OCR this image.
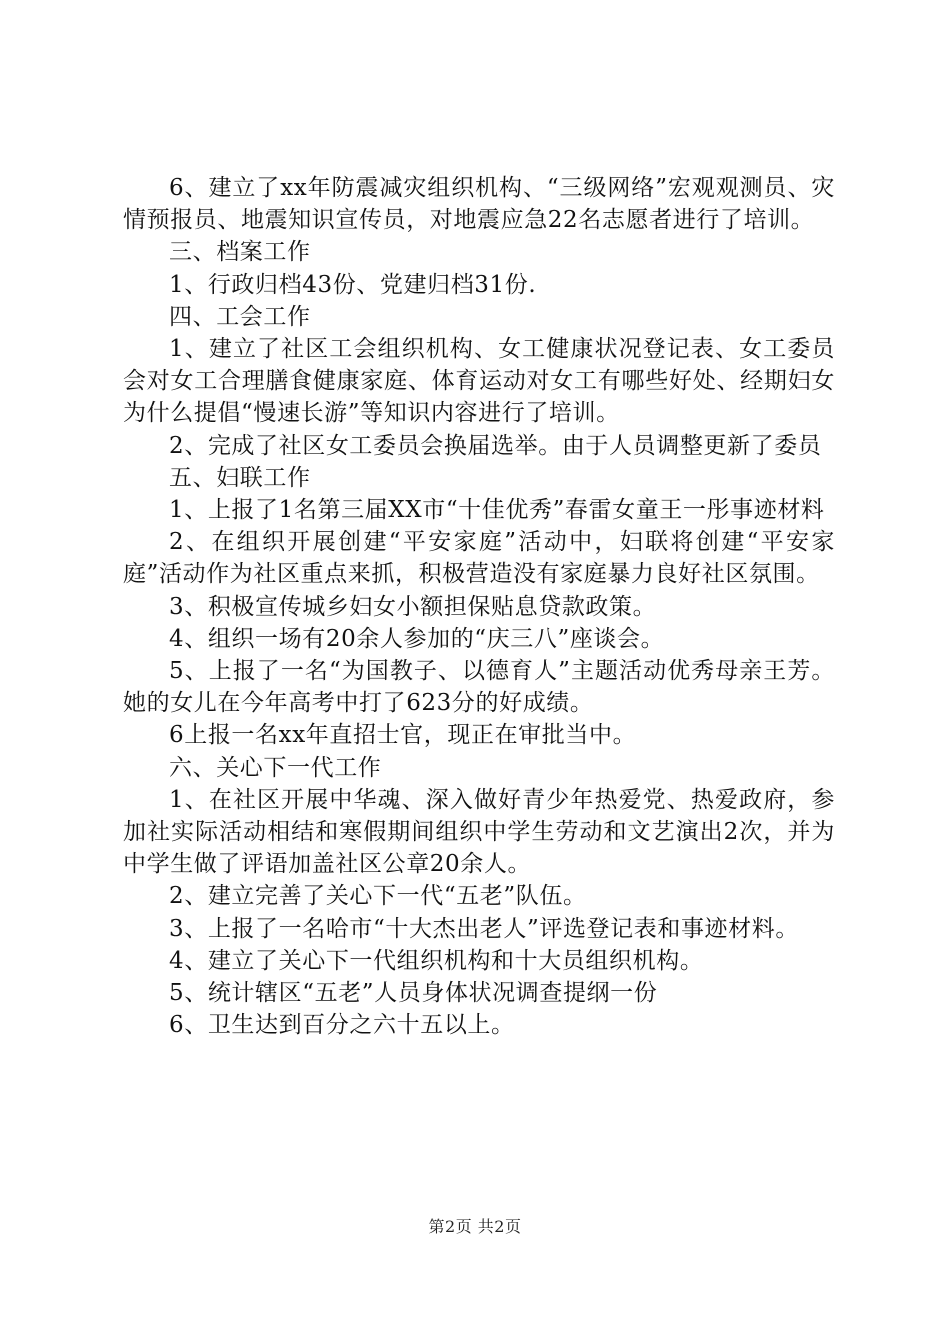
6、建立了xx年防震减灾组织机构、“三级网络”宏观观测员、灾情预报员、地震知识宣传员，对地震应急22名志愿者进行了培训。

三、档案工作

1、行政归档43份、党建归档31份.

四、工会工作

1、建立了社区工会组织机构、女工健康状况登记表、女工委员会对女工合理膳食健康家庭、体育运动对女工有哪些好处、经期妇女为什么提倡“慢速长游”等知识内容进行了培训。

2、完成了社区女工委员会换届选举。由于人员调整更新了委员

五、妇联工作

1、上报了1名第三届XX市“十佳优秀”春雷女童王一彤事迹材料

2、在组织开展创建“平安家庭”活动中，妇联将创建“平安家庭”活动作为社区重点来抓，积极营造没有家庭暴力良好社区氛围。

3、积极宣传城乡妇女小额担保贴息贷款政策。

4、组织一场有20余人参加的“庆三八”座谈会。

5、上报了一名“为国教子、以德育人”主题活动优秀母亲王芳。她的女儿在今年高考中打了623分的好成绩。

6上报一名xx年直招士官，现正在审批当中。

六、关心下一代工作

1、在社区开展中华魂、深入做好青少年热爱党、热爱政府，参加社实际活动相结和寒假期间组织中学生劳动和文艺演出2次，并为中学生做了评语加盖社区公章20余人。

2、建立完善了关心下一代“五老”队伍。

3、上报了一名哈市“十大杰出老人”评选登记表和事迹材料。

4、建立了关心下一代组织机构和十大员组织机构。

5、统计辖区“五老”人员身体状况调查提纲一份

6、卫生达到百分之六十五以上。

第2页 共2页
